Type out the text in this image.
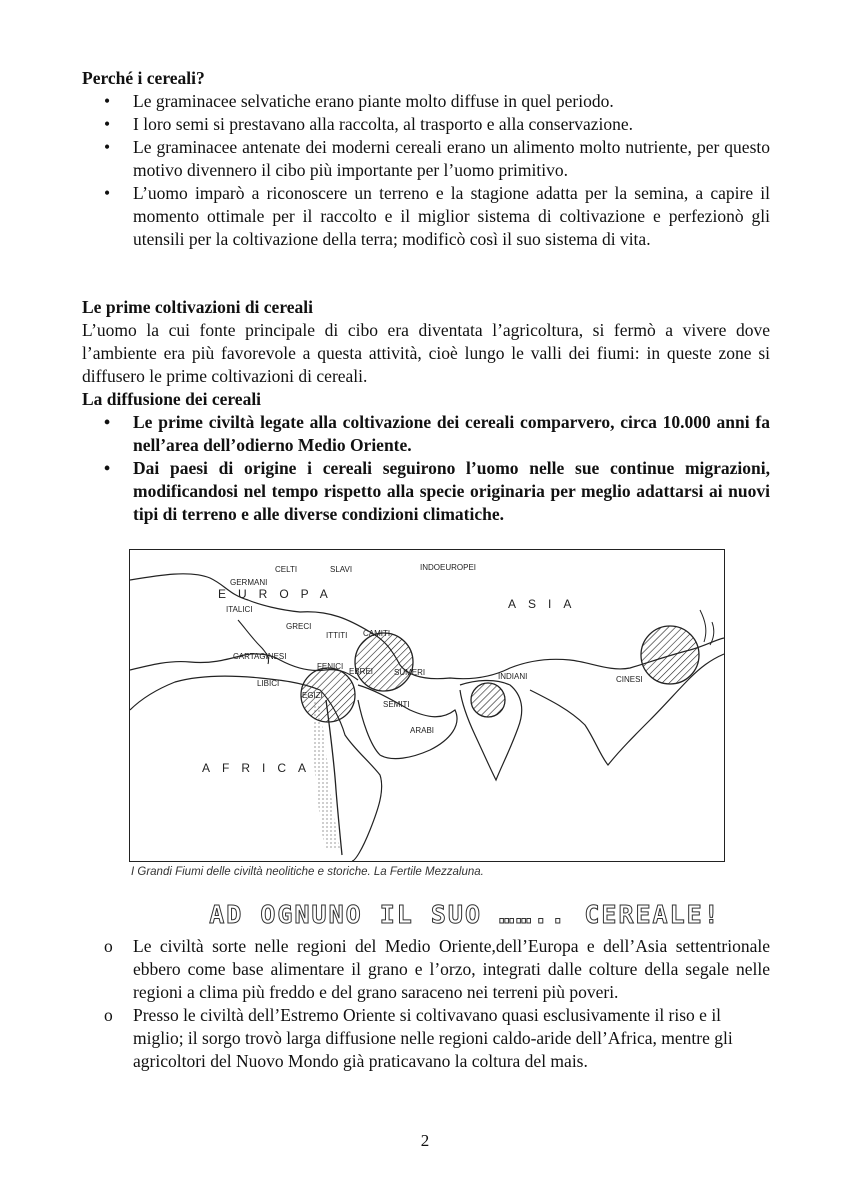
Perché i cereali?
• Le graminacee selvatiche erano piante molto diffuse in quel periodo.
• I loro semi si prestavano alla raccolta, al trasporto e alla conservazione.
• Le graminacee antenate dei moderni cereali erano un alimento molto nutriente, per questo motivo divennero il cibo più importante per l’uomo primitivo.
• L’uomo imparò a riconoscere un terreno e la stagione adatta per la semina, a capire il momento ottimale per il raccolto e il miglior sistema di coltivazione e perfezionò gli utensili per la coltivazione della terra; modificò così il suo sistema di vita.
Le prime coltivazioni di cereali

L’uomo la cui fonte principale di cibo era diventata l’agricoltura, si fermò a vivere dove l’ambiente era più favorevole a questa attività, cioè lungo le valli dei fiumi: in queste zone si diffusero le prime coltivazioni di cereali.

La diffusione dei cereali
• Le prime civiltà legate alla coltivazione dei cereali comparvero, circa 10.000 anni fa nell’area dell’odierno Medio Oriente.
• Dai paesi di origine i cereali seguirono l’uomo nelle sue continue migrazioni, modificandosi nel tempo rispetto alla specie originaria per meglio adattarsi ai nuovi tipi di terreno e alle diverse condizioni climatiche.
CELTI	SLAVI	INDOEUROPEI
GERMANI
EUROPA
ASIA
ITALICI
GRECI
ITTITI CAMITI
CARTAGINESI
FENICI
EBREI	SUMERI
LIBICI
EGIZI
SEMITI
ARABI
INDIANI	CINESI
AFRICA
I Grandi Fiumi delle civiltà neolitiche e storiche. La Fertile Mezzaluna.
AD OGNUNO IL SUO …….. CEREALE!
o Le civiltà sorte nelle regioni del Medio Oriente,dell’Europa e dell’Asia settentrionale ebbero come base alimentare il grano e l’orzo, integrati dalle colture della segale nelle regioni a clima più freddo e del grano saraceno nei terreni più poveri.
o Presso le civiltà dell’Estremo Oriente si coltivavano quasi esclusivamente il riso e il miglio; il sorgo trovò larga diffusione nelle regioni caldo-aride dell’Africa, mentre gli agricoltori del Nuovo Mondo già praticavano la coltura del mais.
2
